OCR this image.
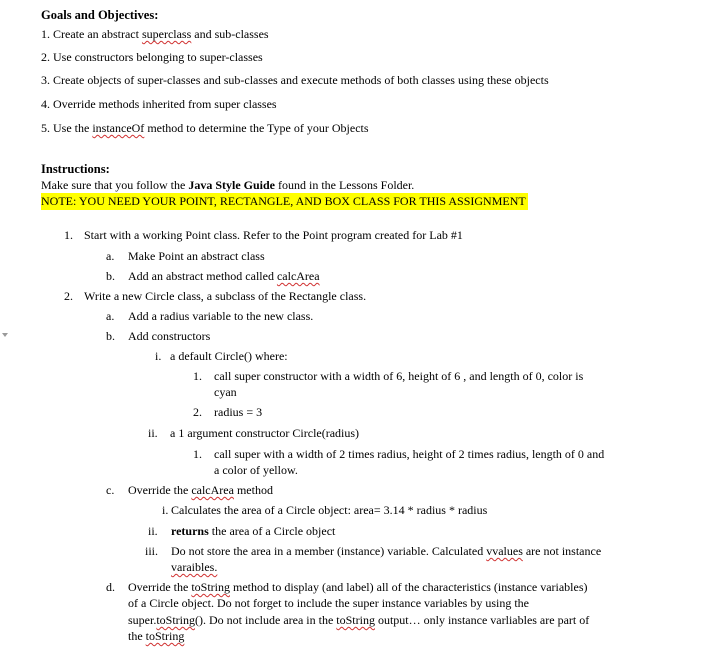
Goals and Objectives:
1. Create an abstract superclass and sub-classes
2. Use constructors belonging to super-classes
3. Create objects of super-classes and sub-classes and execute methods of both classes using these objects
4. Override methods inherited from super classes
5. Use the instanceOf method to determine the Type of your Objects
Instructions:
Make sure that you follow the Java Style Guide found in the Lessons Folder.
NOTE: YOU NEED YOUR POINT, RECTANGLE, AND BOX CLASS FOR THIS ASSIGNMENT
1. Start with a working Point class. Refer to the Point program created for Lab #1
a. Make Point an abstract class
b. Add an abstract method called calcArea
2. Write a new Circle class, a subclass of the Rectangle class.
a. Add a radius variable to the new class.
b. Add constructors
i. a default Circle() where:
1. call super constructor with a width of 6, height of 6 , and length of 0, color is
cyan
2. radius = 3
ii. a 1 argument constructor Circle(radius)
1. call super with a width of 2 times radius, height of 2 times radius, length of 0 and
a color of yellow.
c. Override the calcArea method
i. Calculates the area of a Circle object: area= 3.14 * radius * radius
ii. returns the area of a Circle object
iii. Do not store the area in a member (instance) variable. Calculated vvalues are not instance
varaibles.
d. Override the toString method to display (and label) all of the characteristics (instance variables)
of a Circle object. Do not forget to include the super instance variables by using the
super.toString(). Do not include area in the toString output… only instance varliables are part of
the toString
